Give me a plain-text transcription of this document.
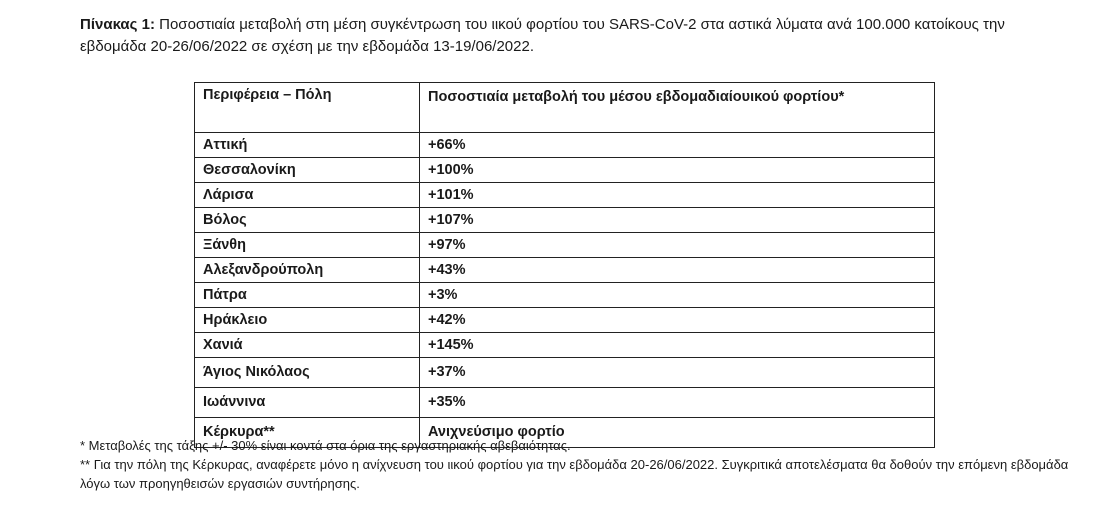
Πίνακας 1: Ποσοστιαία μεταβολή στη μέση συγκέντρωση του ιικού φορτίου του SARS-CoV-2 στα αστικά λύματα ανά 100.000 κατοίκους την εβδομάδα 20-26/06/2022 σε σχέση με την εβδομάδα 13-19/06/2022.
Περιφέρεια – Πόλη	Ποσοστιαία μεταβολή του μέσου εβδομαδιαίουικού φορτίου*
Αττική	+66%
Θεσσαλονίκη	+100%
Λάρισα	+101%
Βόλος	+107%
Ξάνθη	+97%
Αλεξανδρούπολη	+43%
Πάτρα	+3%
Ηράκλειο	+42%
Χανιά	+145%
Άγιος Νικόλαος	+37%
Ιωάννινα	+35%
Κέρκυρα**	Ανιχνεύσιμο φορτίο

* Μεταβολές της τάξης +/- 30% είναι κοντά στα όρια της εργαστηριακής αβεβαιότητας.

** Για την πόλη της Κέρκυρας, αναφέρετε μόνο η ανίχνευση του ιικού φορτίου για την εβδομάδα 20-26/06/2022. Συγκριτικά αποτελέσματα θα δοθούν την επόμενη εβδομάδα λόγω των προηγηθεισών εργασιών συντήρησης.
